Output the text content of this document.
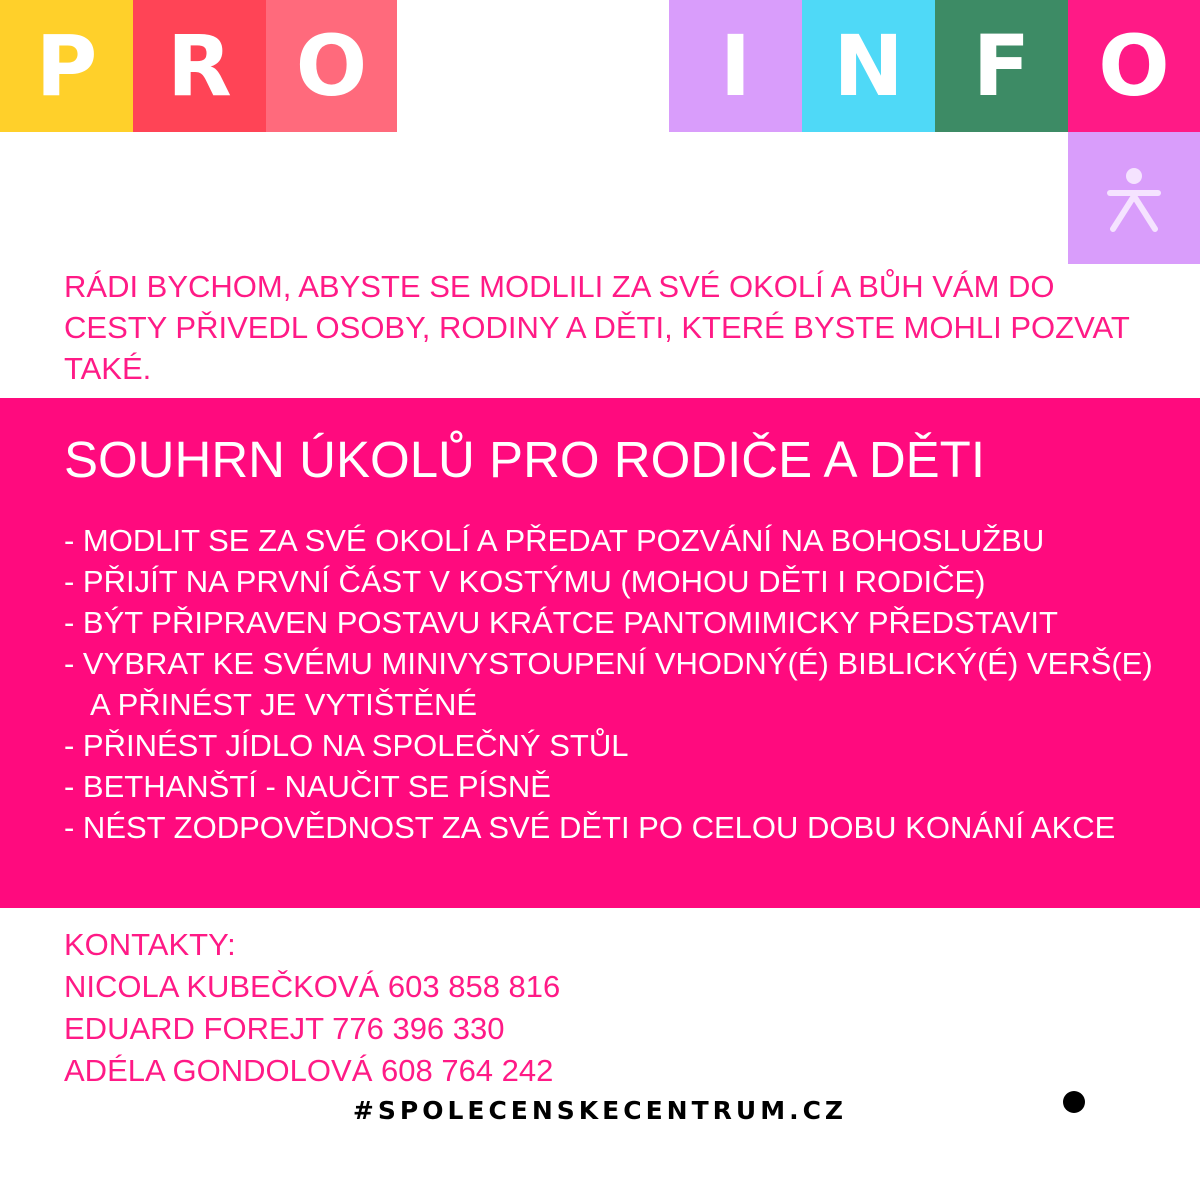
P R O	I N F O

RÁDI BYCHOM, ABYSTE SE MODLILI ZA SVÉ OKOLÍ A BŮH VÁM DO CESTY PŘIVEDL OSOBY, RODINY A DĚTI, KTERÉ BYSTE MOHLI POZVAT TAKÉ.

SOUHRN ÚKOLŮ PRO RODIČE A DĚTI
- MODLIT SE ZA SVÉ OKOLÍ A PŘEDAT POZVÁNÍ NA BOHOSLUŽBU
- PŘIJÍT NA PRVNÍ ČÁST V KOSTÝMU (MOHOU DĚTI I RODIČE)
- BÝT PŘIPRAVEN POSTAVU KRÁTCE PANTOMIMICKY PŘEDSTAVIT
- VYBRAT KE SVÉMU MINIVYSTOUPENÍ VHODNÝ(É) BIBLICKÝ(É) VERŠ(E) A PŘINÉST JE VYTIŠTĚNÉ
- PŘINÉST JÍDLO NA SPOLEČNÝ STŮL
- BETHANŠTÍ - NAUČIT SE PÍSNĚ
- NÉST ZODPOVĚDNOST ZA SVÉ DĚTI PO CELOU DOBU KONÁNÍ AKCE
KONTAKTY:
NICOLA KUBEČKOVÁ 603 858 816
EDUARD FOREJT 776 396 330
ADÉLA GONDOLOVÁ 608 764 242
#SPOLECENSKECENTRUM.CZ
